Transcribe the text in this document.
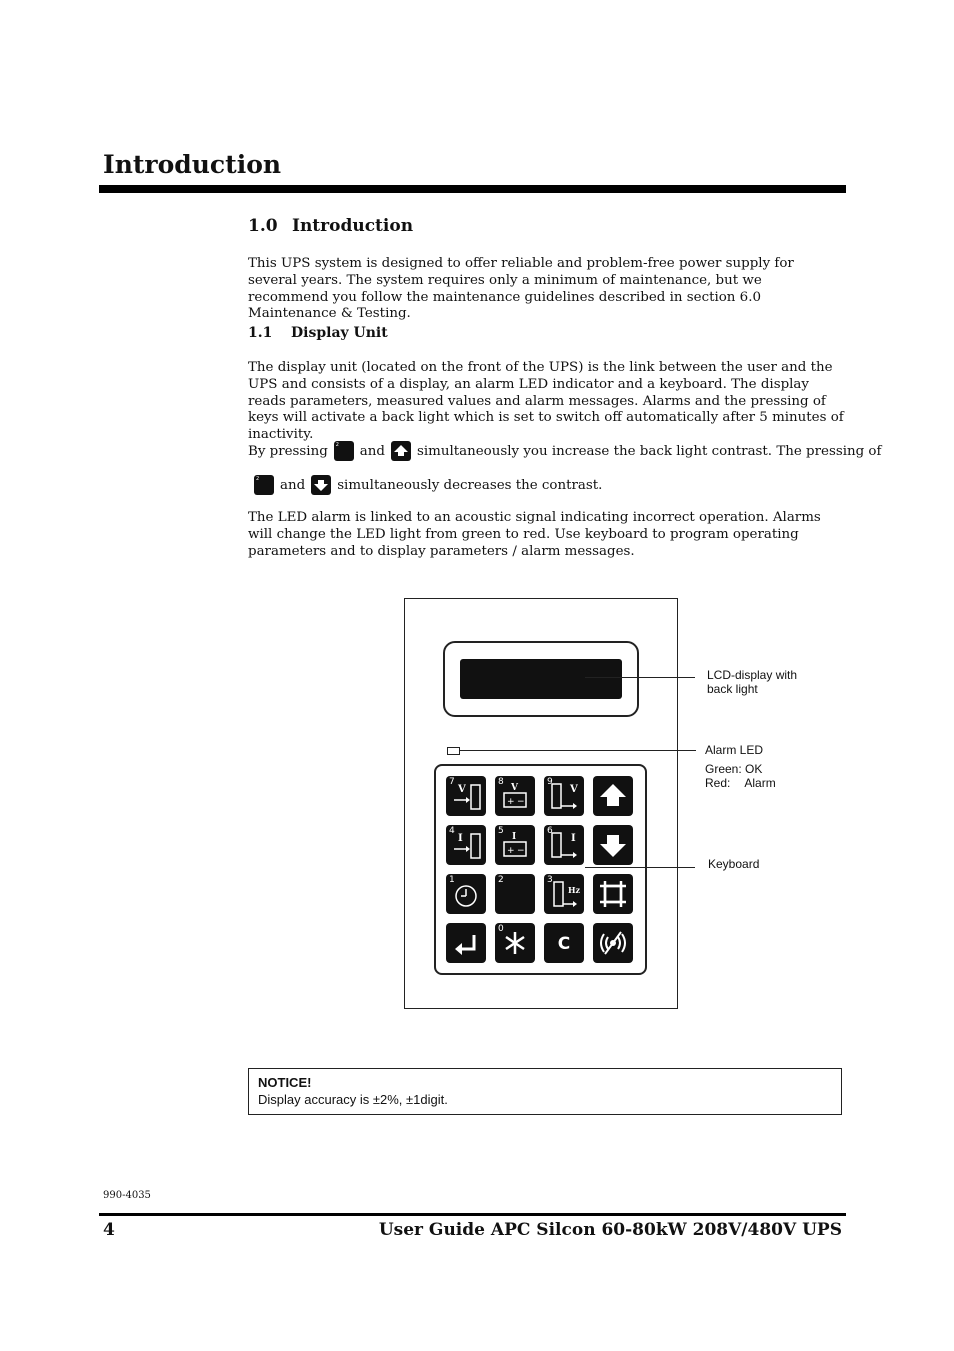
Introduction
1.0 Introduction
This UPS system is designed to offer reliable and problem-free power supply for several years. The system requires only a minimum of maintenance, but we recommend you follow the maintenance guidelines described in section 6.0 Maintenance & Testing.
1.1 Display Unit
The display unit (located on the front of the UPS) is the link between the user and the UPS and consists of a display, an alarm LED indicator and a keyboard. The display reads parameters, measured values and alarm messages. Alarms and the pressing of keys will activate a back light which is set to switch off automatically after 5 minutes of inactivity.
By pressing 2 and simultaneously you increase the back light contrast. The pressing of
2 and simultaneously decreases the contrast.
The LED alarm is linked to an acoustic signal indicating incorrect operation. Alarms will change the LED light from green to red. Use keyboard to program operating parameters and to display parameters / alarm messages.
7
V
8
V
+ −
9
V
4
I
5
I
+ −
6
I
1	2	3
Hz
0
C
LCD-display with back light
Alarm LED
Green: OK
Red: Alarm
Keyboard
NOTICE!
Display accuracy is ±2%, ±1digit.
990-4035
4	User Guide APC Silcon 60-80kW 208V/480V UPS
